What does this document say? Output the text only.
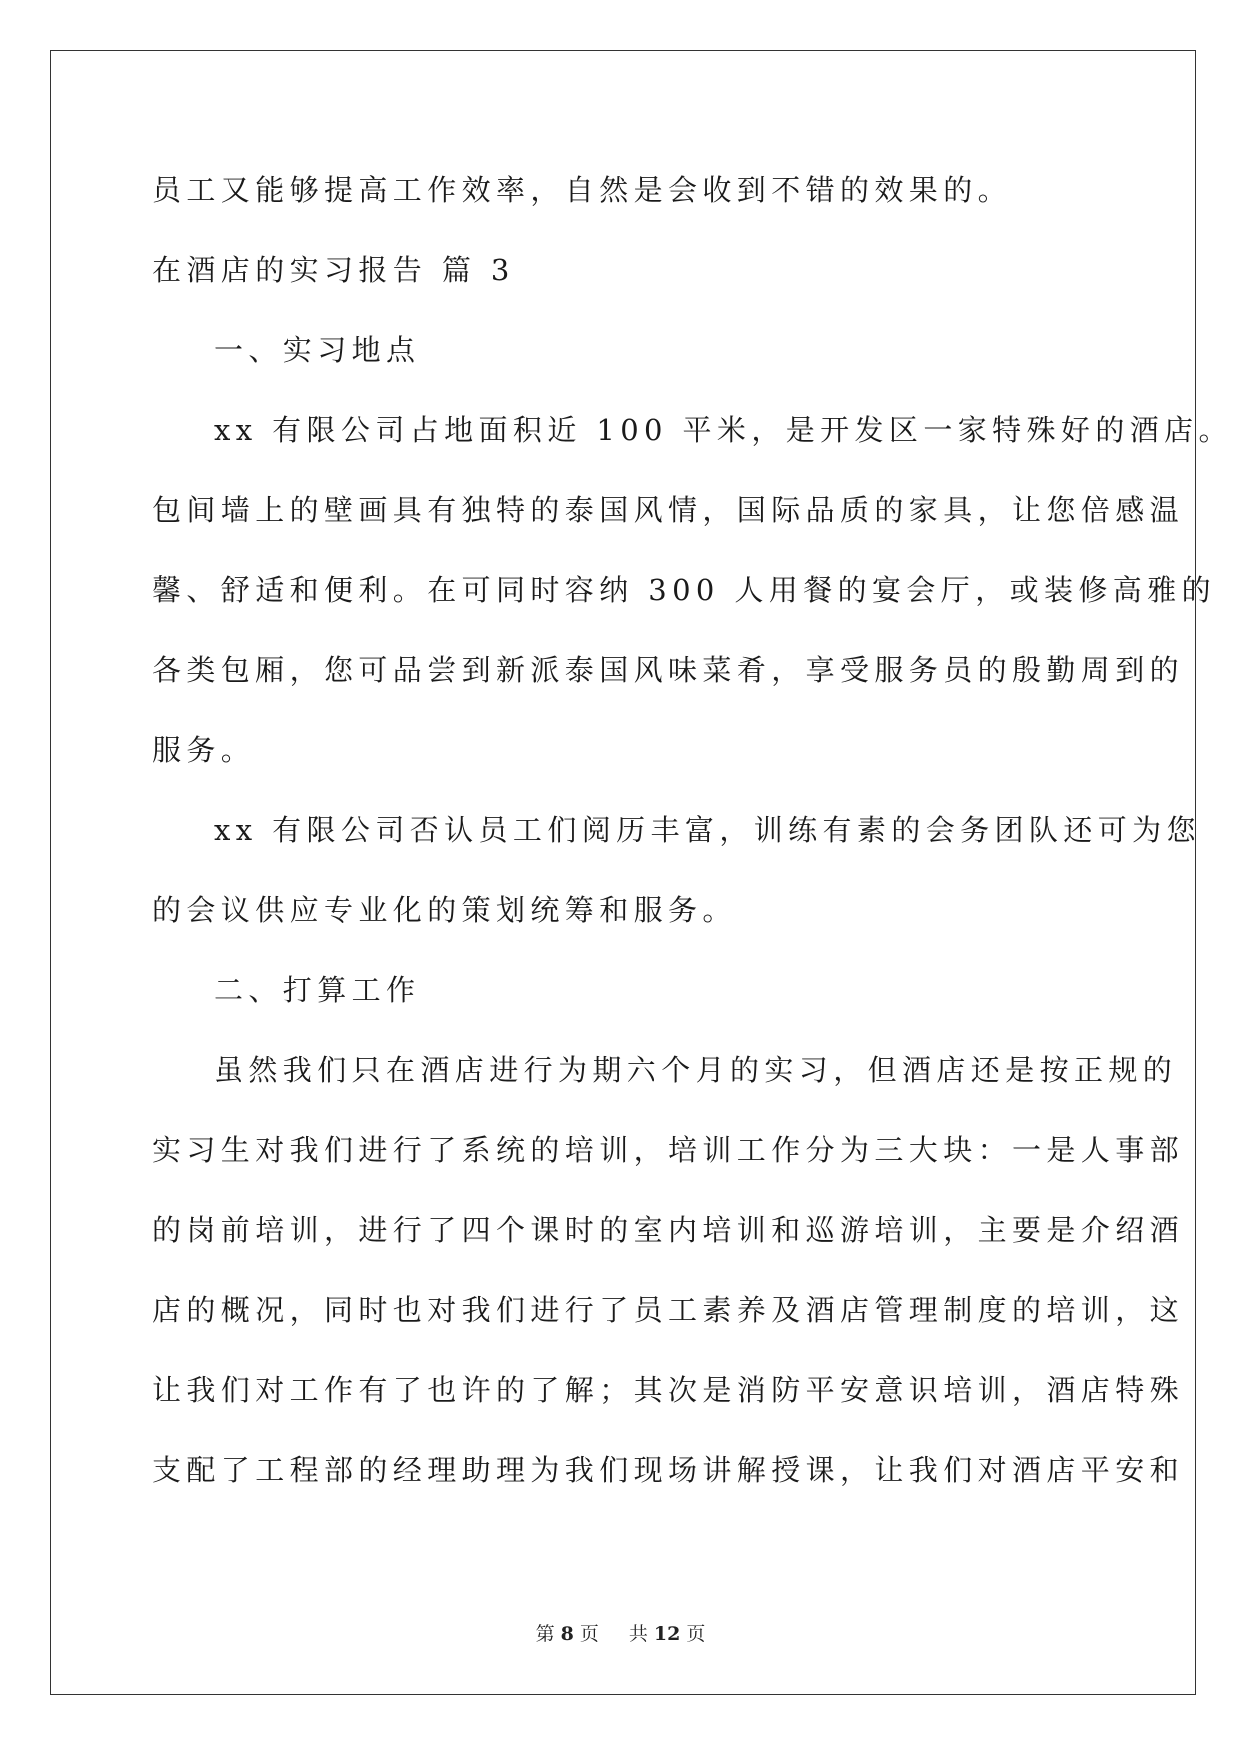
员工又能够提高工作效率，自然是会收到不错的效果的。
在酒店的实习报告 篇 3
一、实习地点
xx 有限公司占地面积近 100 平米，是开发区一家特殊好的酒店。
包间墙上的壁画具有独特的泰国风情，国际品质的家具，让您倍感温
馨、舒适和便利。在可同时容纳 300 人用餐的宴会厅，或装修高雅的
各类包厢，您可品尝到新派泰国风味菜肴，享受服务员的殷勤周到的
服务。
xx 有限公司否认员工们阅历丰富，训练有素的会务团队还可为您
的会议供应专业化的策划统筹和服务。
二、打算工作
虽然我们只在酒店进行为期六个月的实习，但酒店还是按正规的
实习生对我们进行了系统的培训，培训工作分为三大块：一是人事部
的岗前培训，进行了四个课时的室内培训和巡游培训，主要是介绍酒
店的概况，同时也对我们进行了员工素养及酒店管理制度的培训，这
让我们对工作有了也许的了解；其次是消防平安意识培训，酒店特殊
支配了工程部的经理助理为我们现场讲解授课，让我们对酒店平安和
第 8 页 共 12 页
